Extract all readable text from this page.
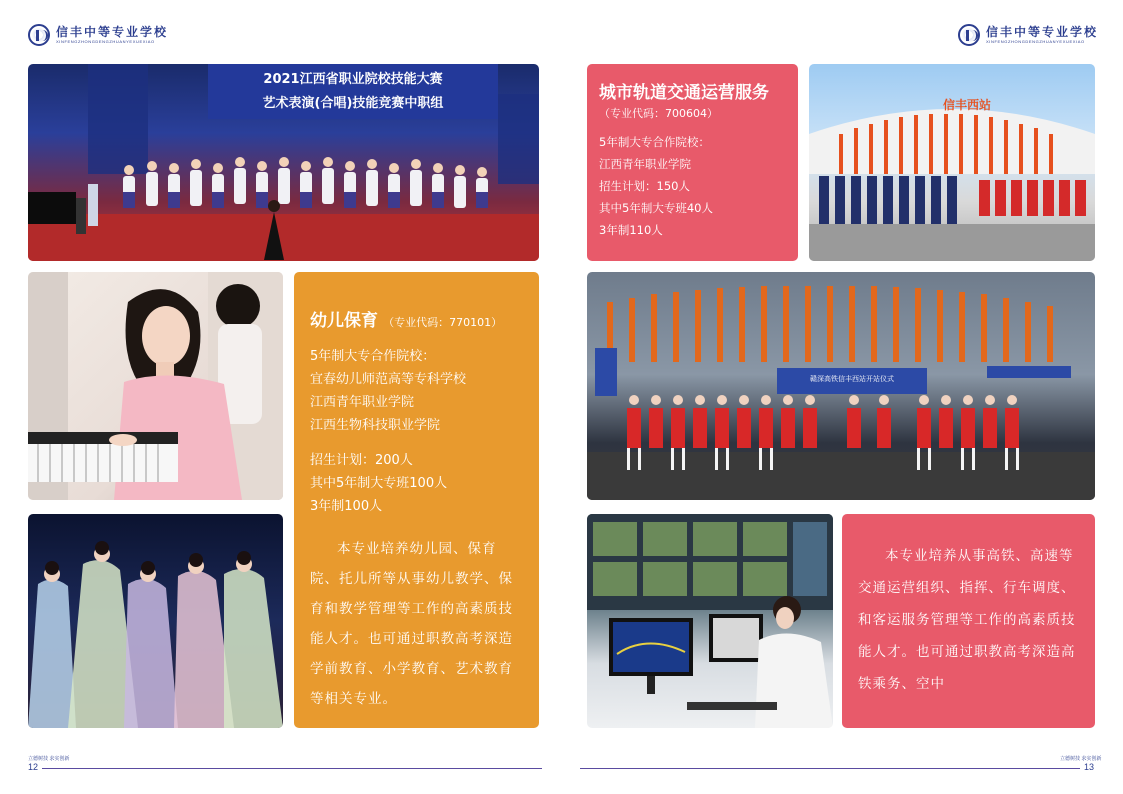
信丰中等专业学校
XINFENGZHONGDENGZHUANYEXUEXIAO
信丰中等专业学校
XINFENGZHONGDENGZHUANYEXUEXIAO
2021江西省职业院校技能大赛
艺术表演(合唱)技能竞赛中职组
幼儿保育 （专业代码：770101）
5年制大专合作院校：
宜春幼儿师范高等专科学校
江西青年职业学院
江西生物科技职业学院
招生计划：200人
其中5年制大专班100人
3年制100人
本专业培养幼儿园、保育院、托儿所等从事幼儿教学、保育和教学管理等工作的高素质技能人才。也可通过职教高考深造学前教育、小学教育、艺术教育等相关专业。
城市轨道交通运营服务
（专业代码：700604）
5年制大专合作院校：
江西青年职业学院
招生计划：150人
其中5年制大专班40人
3年制110人
信丰西站
赣深高铁信丰西站开站仪式
本专业培养从事高铁、高速等交通运营组织、指挥、行车调度、和客运服务管理等工作的高素质技能人才。也可通过职教高考深造高铁乘务、空中
立德树技 求实创新
12
立德树技 求实创新
13
